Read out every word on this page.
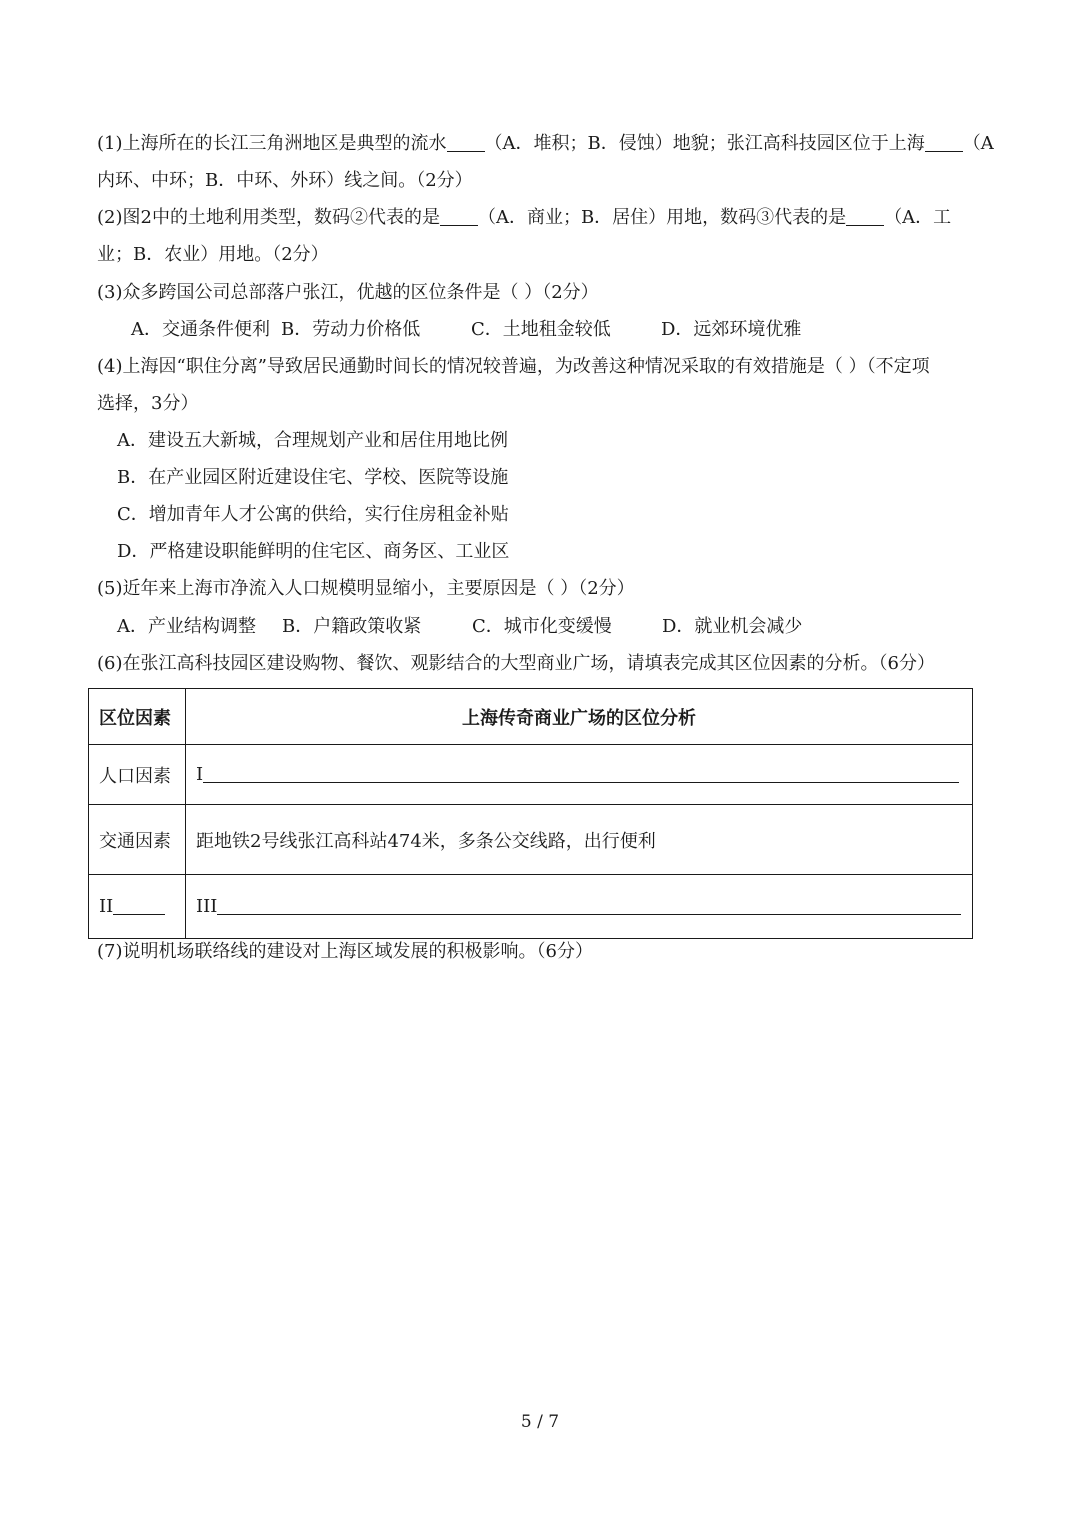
(1)上海所在的长江三角洲地区是典型的流水 （A．堆积；B．侵蚀）地貌；张江高科技园区位于上海 （A
内环、中环；B．中环、外环）线之间。（2分）
(2)图2中的土地利用类型，数码②代表的是 （A．商业；B．居住）用地，数码③代表的是 （A．工
业；B．农业）用地。（2分）
(3)众多跨国公司总部落户张江，优越的区位条件是（ ）（2分）
A．交通条件便利 B．劳动力价格低	C．土地租金较低	D．远郊环境优雅
(4)上海因“职住分离”导致居民通勤时间长的情况较普遍，为改善这种情况采取的有效措施是（ ）（不定项
选择，3分）
A．建设五大新城，合理规划产业和居住用地比例
B．在产业园区附近建设住宅、学校、医院等设施
C．增加青年人才公寓的供给，实行住房租金补贴
D．严格建设职能鲜明的住宅区、商务区、工业区
(5)近年来上海市净流入人口规模明显缩小，主要原因是（ ）（2分）
A．产业结构调整 B．户籍政策收紧	C．城市化变缓慢	D．就业机会减少
(6)在张江高科技园区建设购物、餐饮、观影结合的大型商业广场，请填表完成其区位因素的分析。（6分）
区位因素	上海传奇商业广场的区位分析
人口因素	I
交通因素	距地铁2号线张江高科站474米，多条公交线路，出行便利
II	III
(7)说明机场联络线的建设对上海区域发展的积极影响。（6分）
5 / 7
